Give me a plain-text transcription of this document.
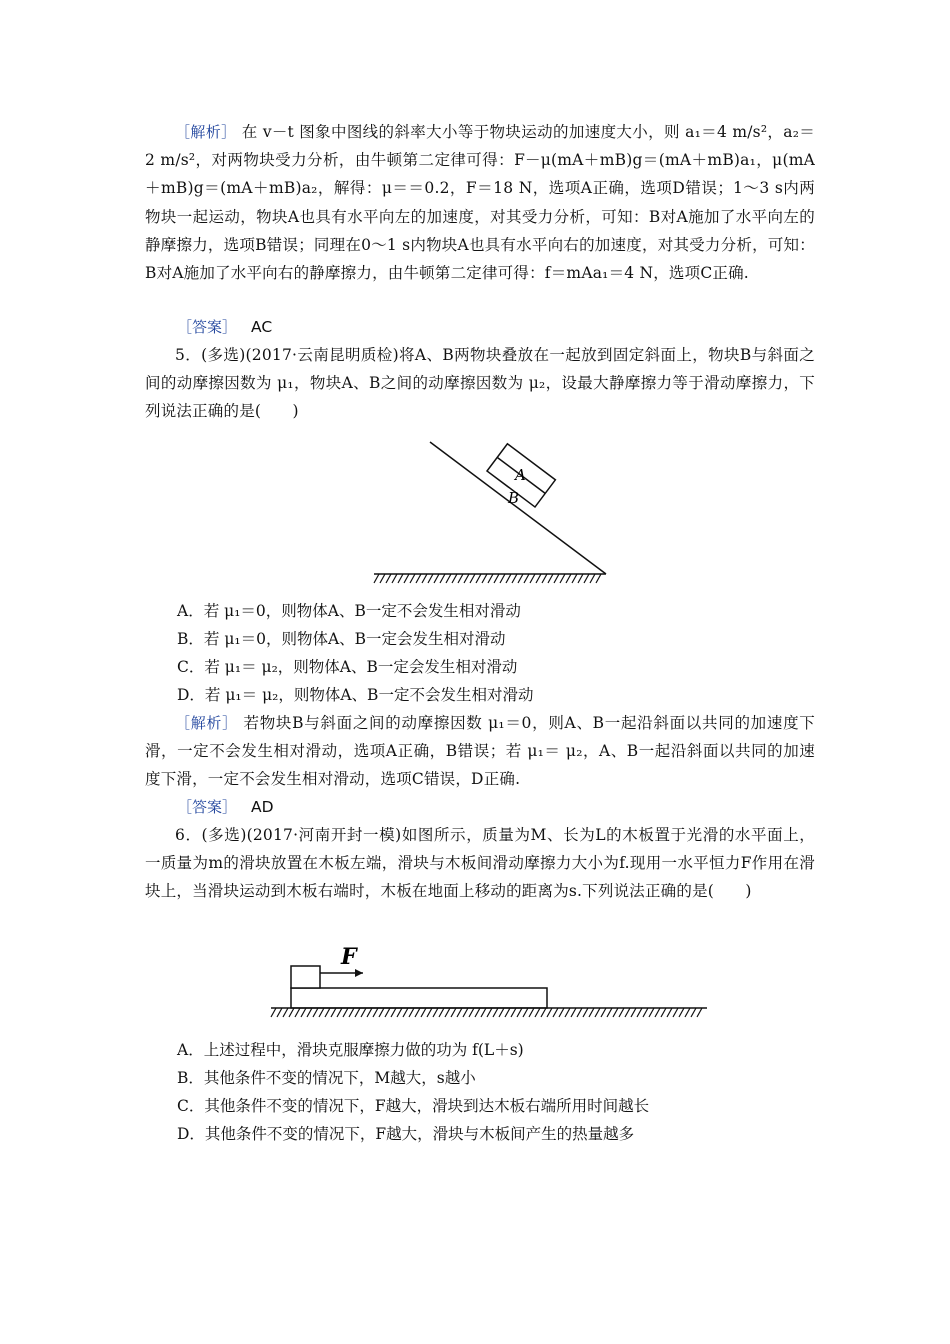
［解析］ 在 v－t 图象中图线的斜率大小等于物块运动的加速度大小，则 a₁＝4 m/s²，a₂＝2 m/s²，对两物块受力分析，由牛顿第二定律可得：F－μ(mA＋mB)g＝(mA＋mB)a₁，μ(mA＋mB)g＝(mA＋mB)a₂，解得：μ＝＝0.2，F＝18 N，选项A正确，选项D错误；1～3 s内两物块一起运动，物块A也具有水平向左的加速度，对其受力分析，可知：B对A施加了水平向左的静摩擦力，选项B错误；同理在0～1 s内物块A也具有水平向右的加速度，对其受力分析，可知：B对A施加了水平向右的静摩擦力，由牛顿第二定律可得：f＝mAa₁＝4 N，选项C正确.
［答案］ AC
5．(多选)(2017·云南昆明质检)将A、B两物块叠放在一起放到固定斜面上，物块B与斜面之间的动摩擦因数为 μ₁，物块A、B之间的动摩擦因数为 μ₂，设最大静摩擦力等于滑动摩擦力，下列说法正确的是(　　)
A
B
A．若 μ₁＝0，则物体A、B一定不会发生相对滑动
B．若 μ₁＝0，则物体A、B一定会发生相对滑动
C．若 μ₁＝ μ₂，则物体A、B一定会发生相对滑动
D．若 μ₁＝ μ₂，则物体A、B一定不会发生相对滑动
［解析］ 若物块B与斜面之间的动摩擦因数 μ₁＝0，则A、B一起沿斜面以共同的加速度下滑，一定不会发生相对滑动，选项A正确，B错误；若 μ₁＝ μ₂，A、B一起沿斜面以共同的加速度下滑，一定不会发生相对滑动，选项C错误，D正确.
［答案］ AD
6．(多选)(2017·河南开封一模)如图所示，质量为M、长为L的木板置于光滑的水平面上，一质量为m的滑块放置在木板左端，滑块与木板间滑动摩擦力大小为f.现用一水平恒力F作用在滑块上，当滑块运动到木板右端时，木板在地面上移动的距离为s.下列说法正确的是(　　)
F
A．上述过程中，滑块克服摩擦力做的功为 f(L＋s)
B．其他条件不变的情况下，M越大，s越小
C．其他条件不变的情况下，F越大，滑块到达木板右端所用时间越长
D．其他条件不变的情况下，F越大，滑块与木板间产生的热量越多
